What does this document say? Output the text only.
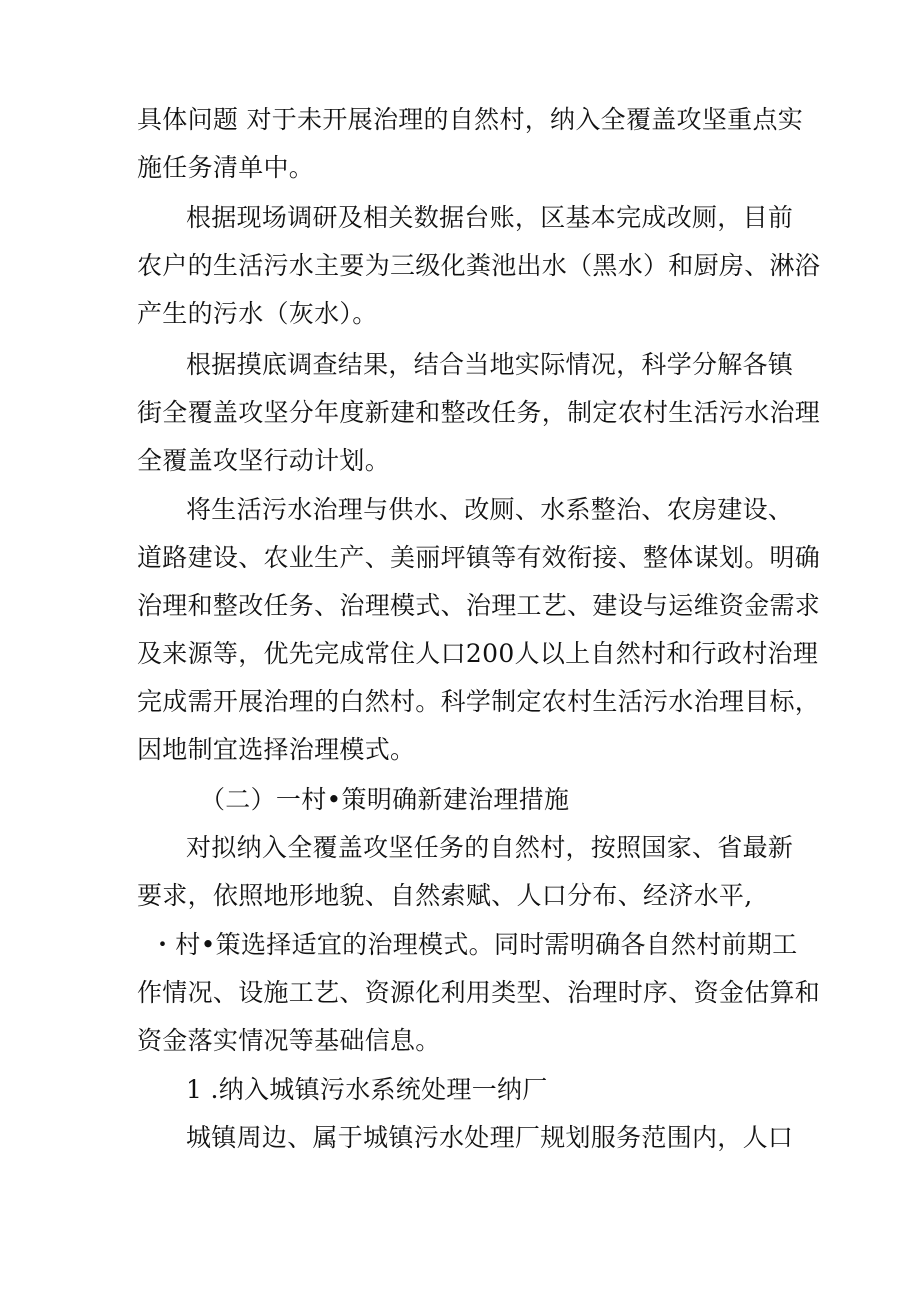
具体问题 对于未开展治理的自然村，纳入全覆盖攻坚重点实
施任务清单中。
根据现场调研及相关数据台账，区基本完成改厕，目前
农户的生活污水主要为三级化粪池出水（黑水）和厨房、淋浴
产生的污水（灰水）。
根据摸底调查结果，结合当地实际情况，科学分解各镇
街全覆盖攻坚分年度新建和整改任务，制定农村生活污水治理
全覆盖攻坚行动计划。
将生活污水治理与供水、改厕、水系整治、农房建设、
道路建设、农业生产、美丽坪镇等有效衔接、整体谋划。明确
治理和整改任务、治理模式、治理工艺、建设与运维资金需求
及来源等，优先完成常住人口200人以上自然村和行政村治理
完成需开展治理的白然村。科学制定农村生活污水治理目标，
因地制宜选择治理模式。
（二）一村•策明确新建治理措施
对拟纳入全覆盖攻坚任务的自然村，按照国家、省最新
要求，依照地形地貌、自然索赋、人口分布、经济水平,
・村•策选择适宜的治理模式。同时需明确各自然村前期工
作情况、设施工艺、资源化利用类型、治理时序、资金估算和
资金落实情况等基础信息。
1 .纳入城镇污水系统处理一纳厂
城镇周边、属于城镇污水处理厂规划服务范围内，人口
